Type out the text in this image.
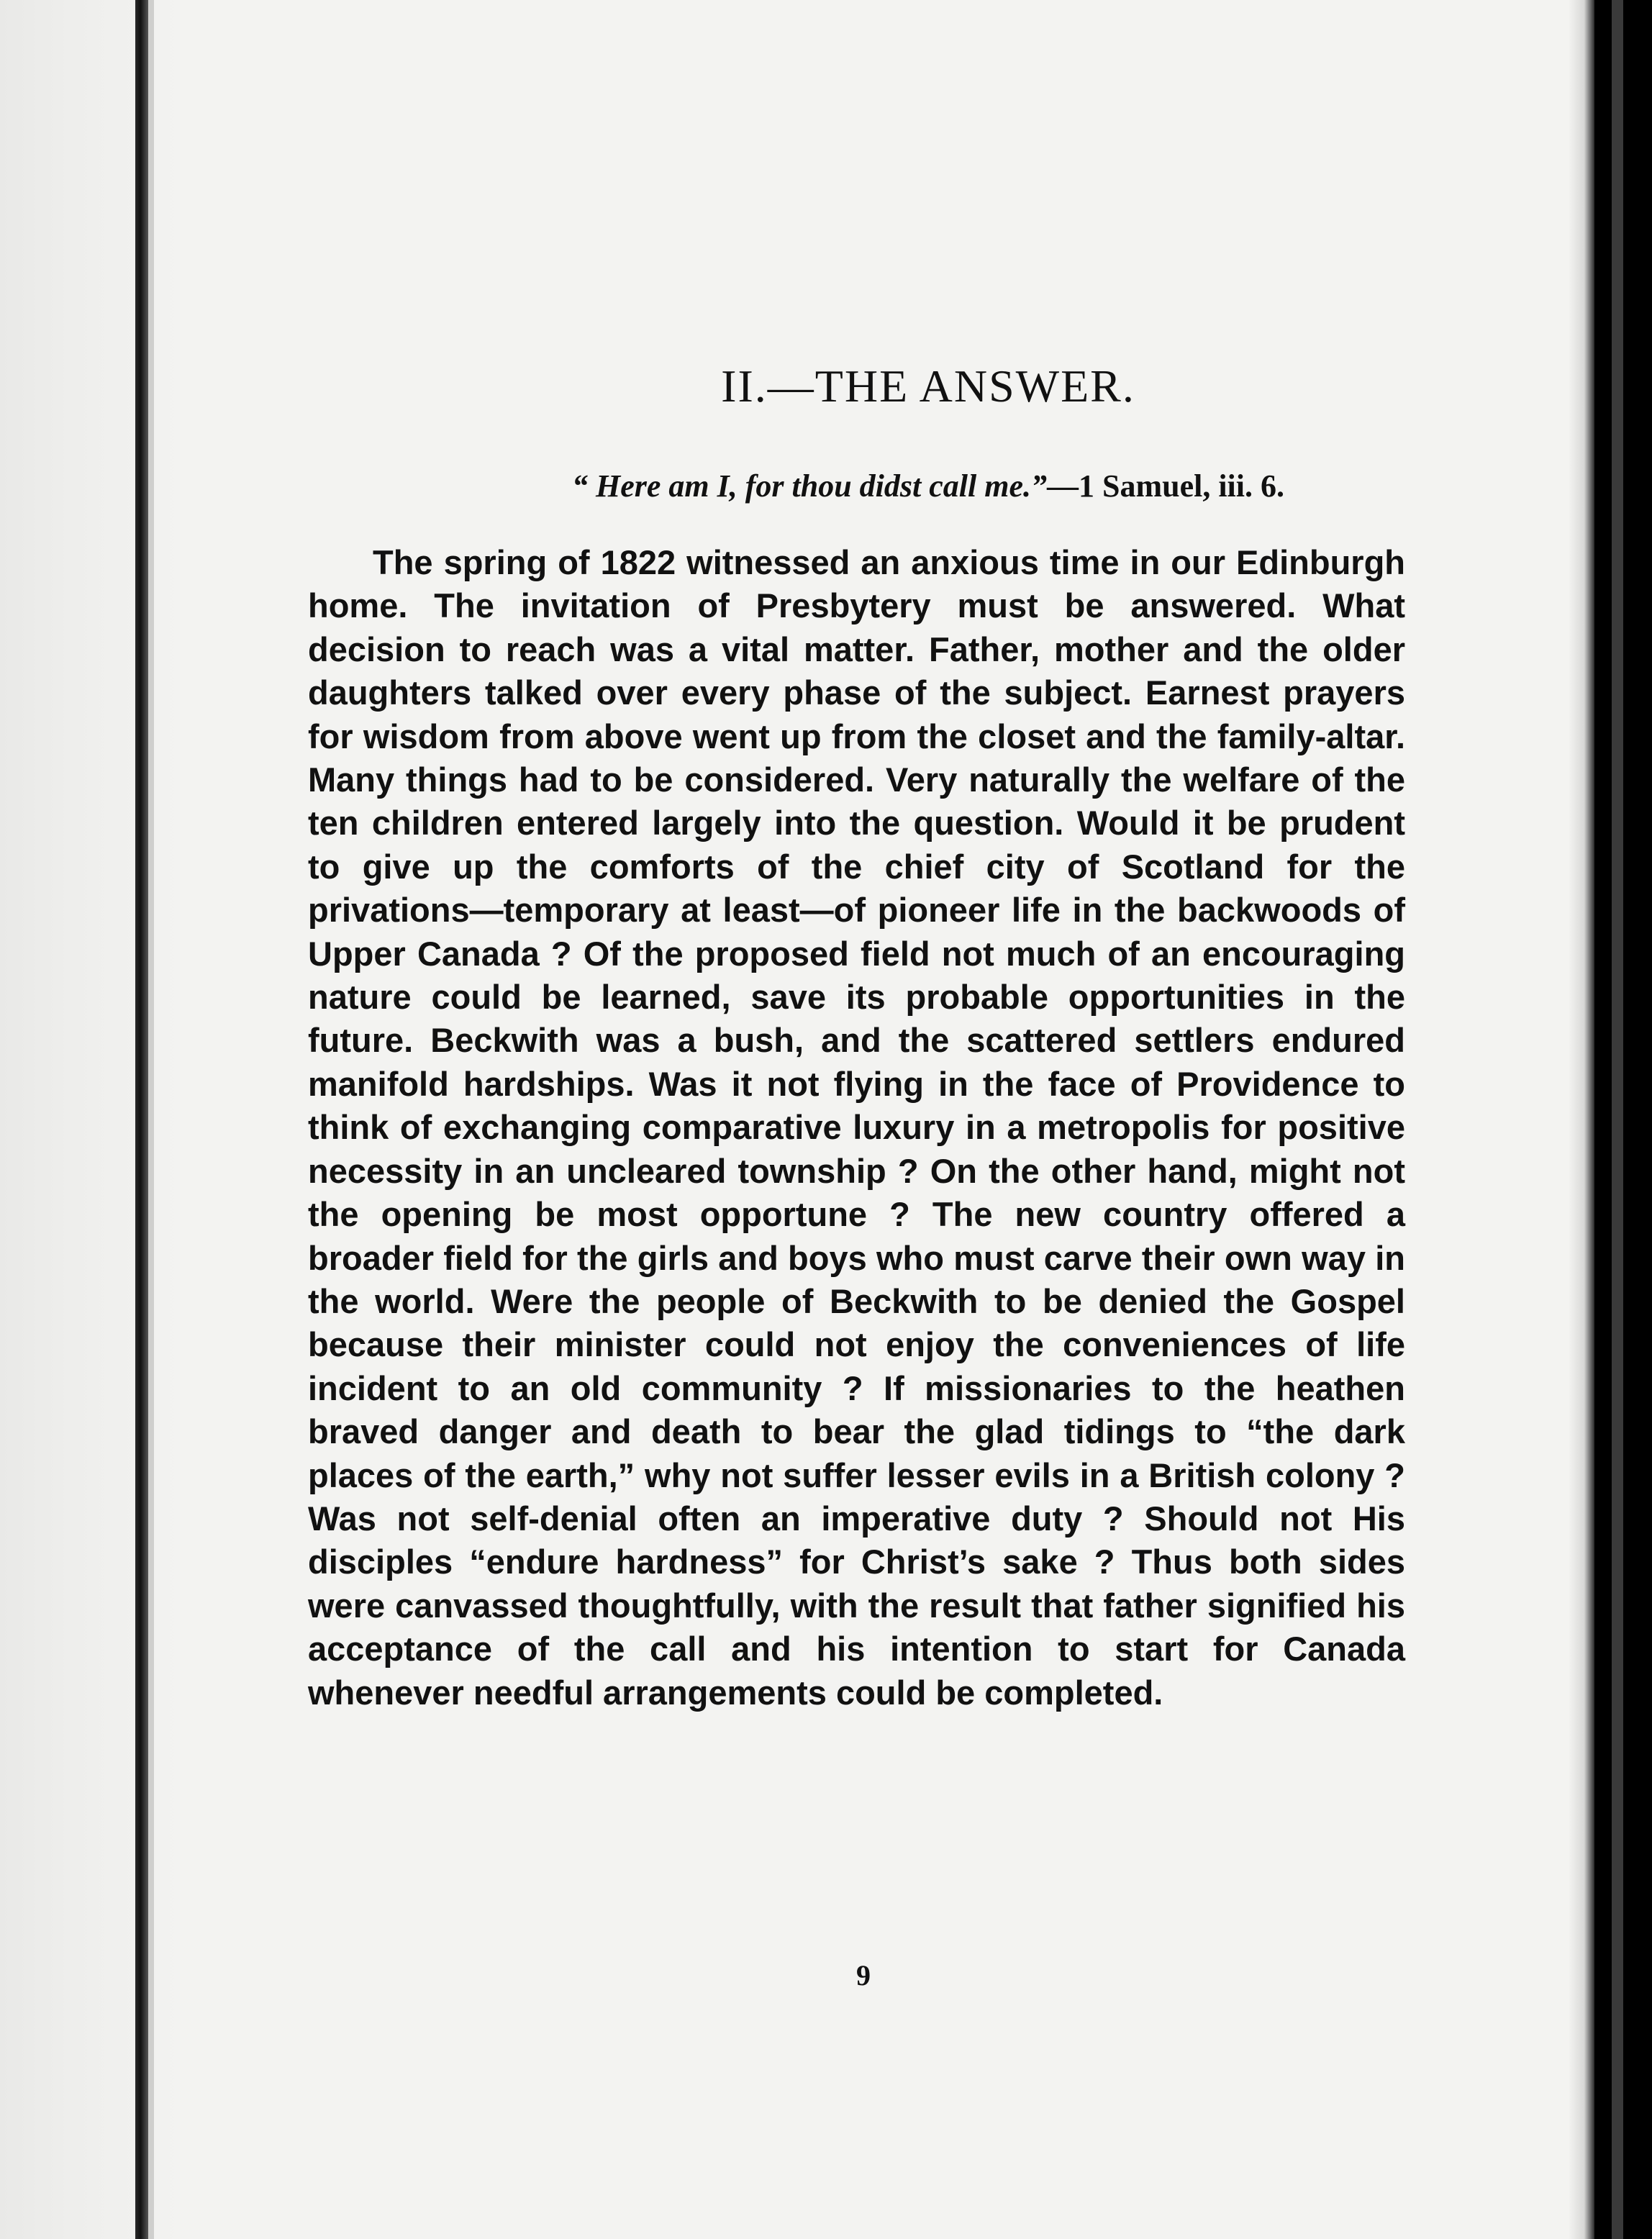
II.—THE ANSWER.

“ Here am I, for thou didst call me.”—1 Samuel, iii. 6.

The spring of 1822 witnessed an anxious time in our Edinburgh home. The invitation of Presbytery must be answered. What decision to reach was a vital matter. Father, mother and the older daughters talked over every phase of the subject. Earnest prayers for wisdom from above went up from the closet and the family-altar. Many things had to be considered. Very naturally the welfare of the ten children entered largely into the question. Would it be prudent to give up the comforts of the chief city of Scotland for the privations—temporary at least—of pioneer life in the backwoods of Upper Canada ? Of the proposed field not much of an encouraging nature could be learned, save its probable opportunities in the future. Beckwith was a bush, and the scattered settlers endured manifold hardships. Was it not flying in the face of Providence to think of exchanging comparative luxury in a metropolis for positive necessity in an uncleared township ? On the other hand, might not the opening be most opportune ? The new country offered a broader field for the girls and boys who must carve their own way in the world. Were the people of Beckwith to be denied the Gospel because their minister could not enjoy the conveniences of life incident to an old community ? If missionaries to the heathen braved danger and death to bear the glad tidings to “the dark places of the earth,” why not suffer lesser evils in a British colony ? Was not self-denial often an imperative duty ? Should not His disciples “endure hardness” for Christ’s sake ? Thus both sides were canvassed thoughtfully, with the result that father signified his acceptance of the call and his intention to start for Canada whenever needful arrangements could be completed.

9
